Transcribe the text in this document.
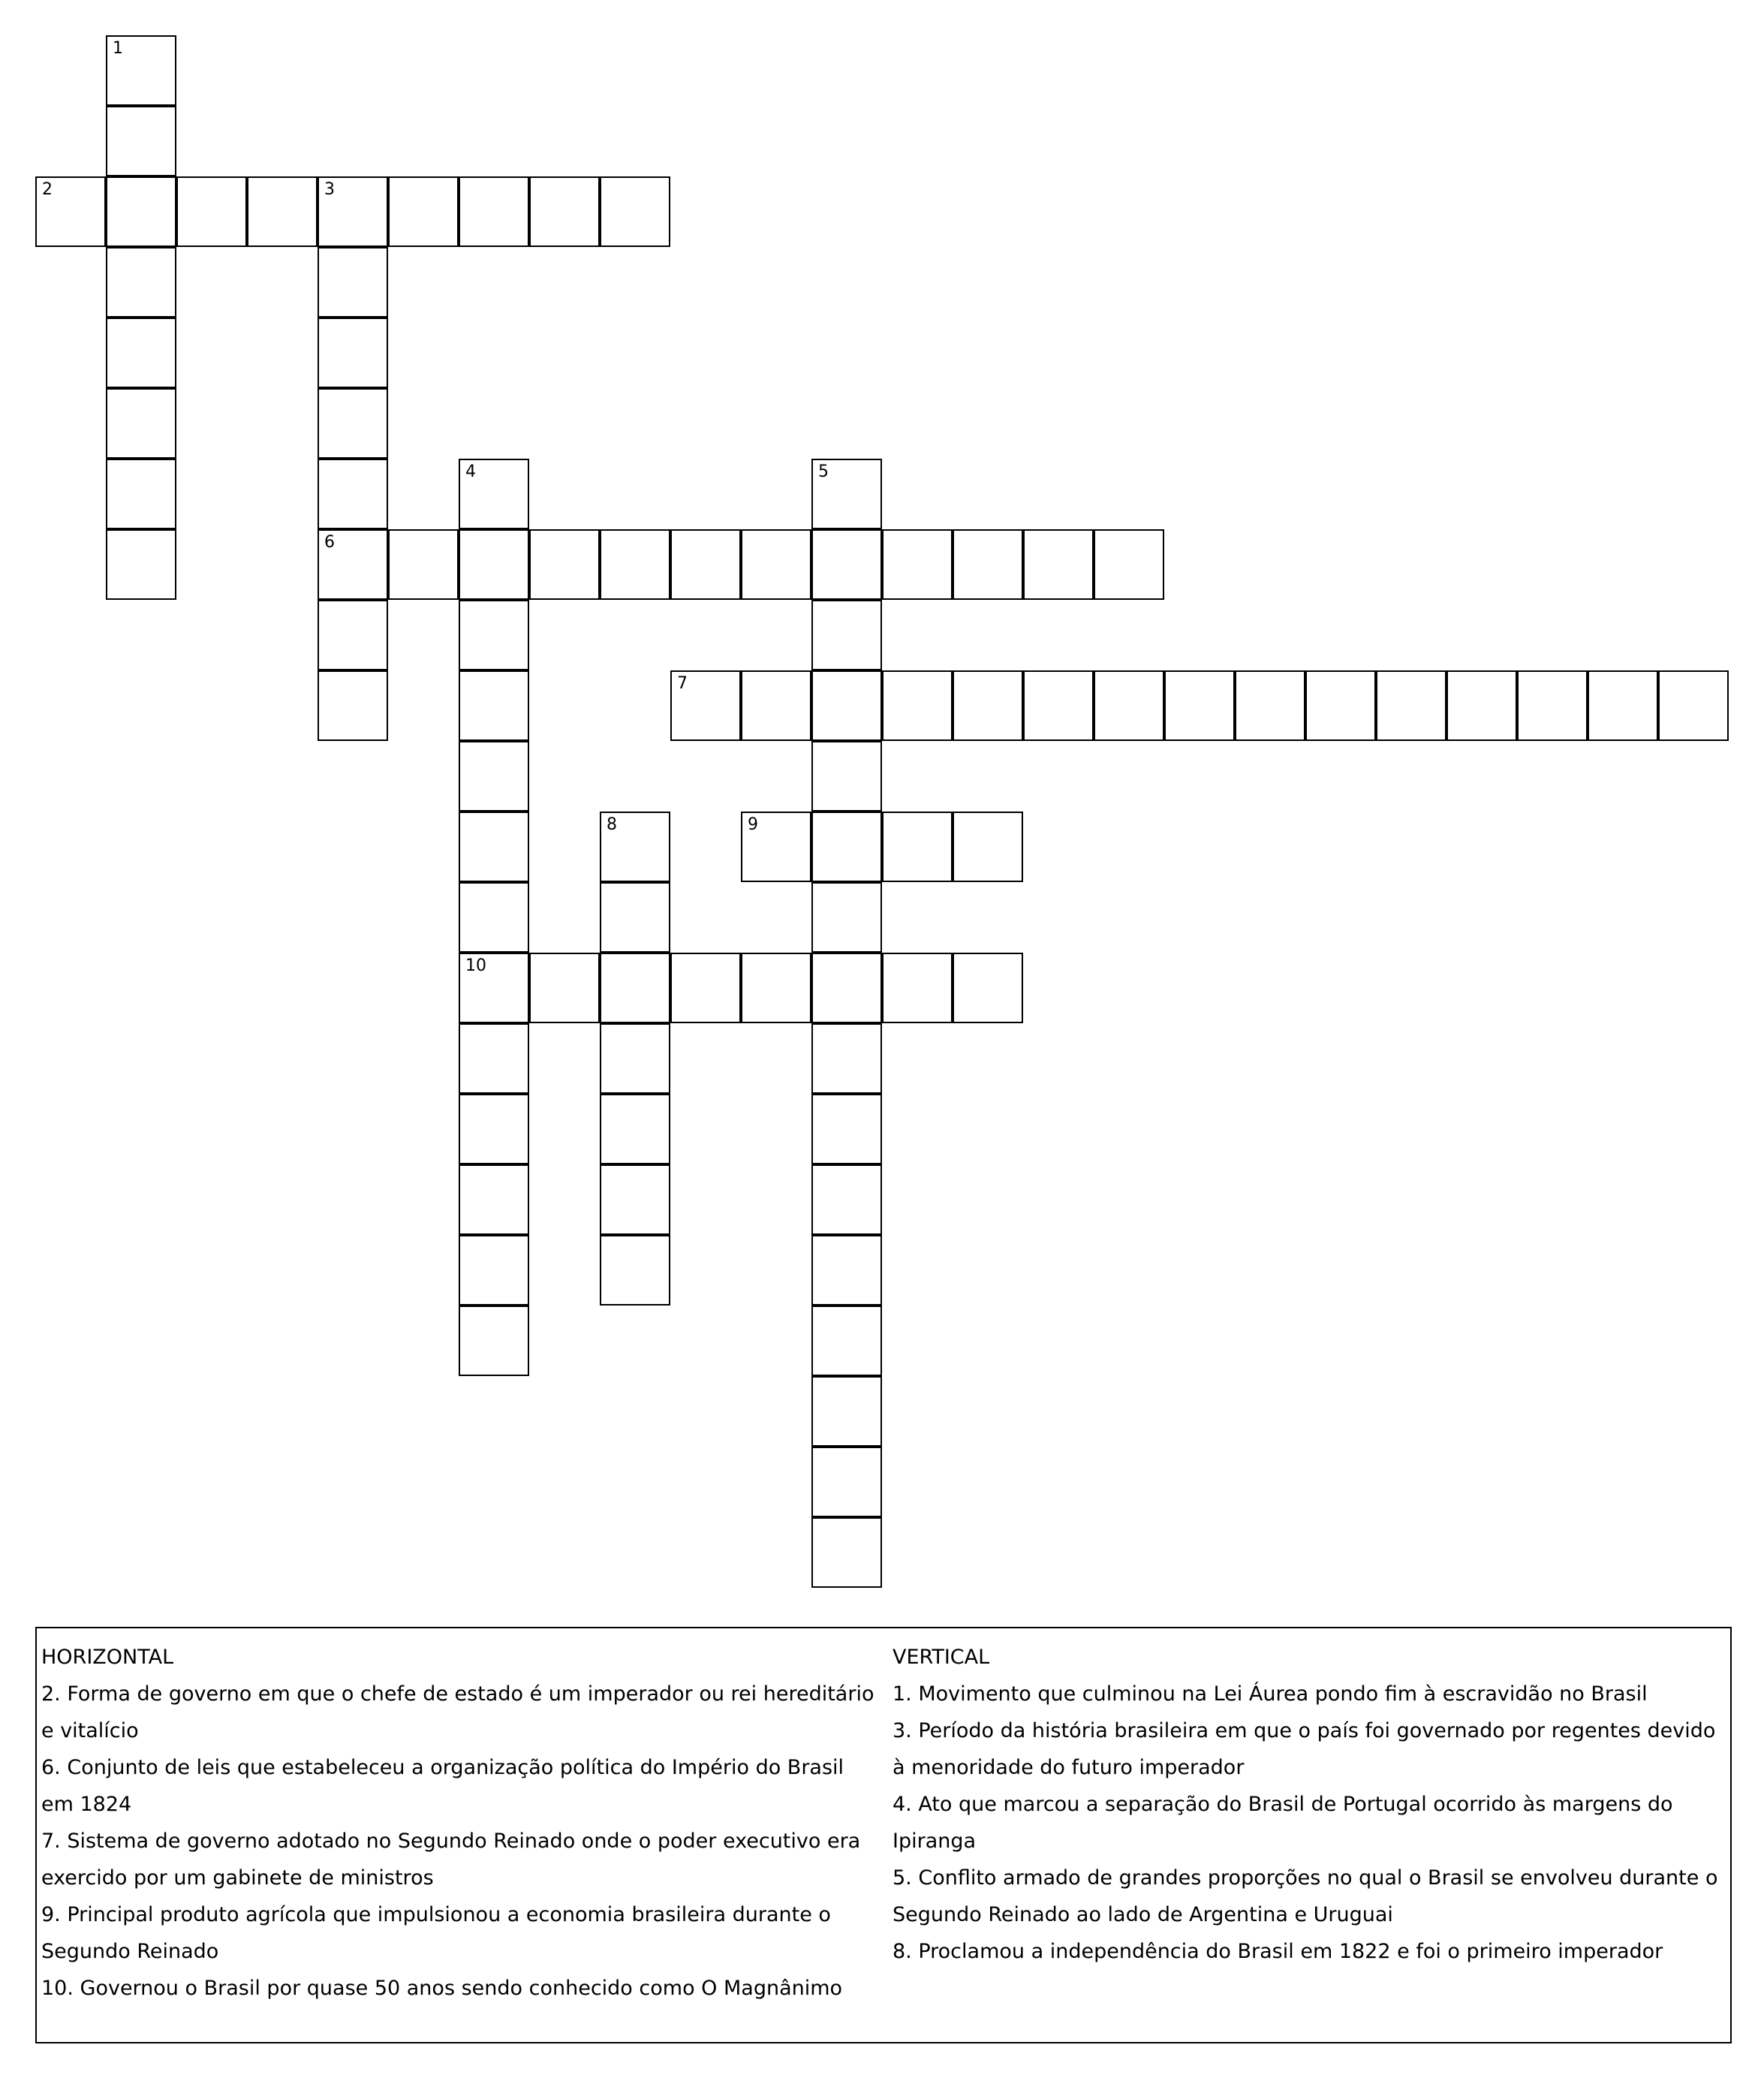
1
2	3
6
4
10
5
7
8	9

HORIZONTAL

2. Forma de governo em que o chefe de estado é um imperador ou rei hereditário e vitalício

6. Conjunto de leis que estabeleceu a organização política do Império do Brasil em 1824

7. Sistema de governo adotado no Segundo Reinado onde o poder executivo era exercido por um gabinete de ministros

9. Principal produto agrícola que impulsionou a economia brasileira durante o Segundo Reinado

10. Governou o Brasil por quase 50 anos sendo conhecido como O Magnânimo

VERTICAL

1. Movimento que culminou na Lei Áurea pondo fim à escravidão no Brasil

3. Período da história brasileira em que o país foi governado por regentes devido à menoridade do futuro imperador

4. Ato que marcou a separação do Brasil de Portugal ocorrido às margens do Ipiranga

5. Conflito armado de grandes proporções no qual o Brasil se envolveu durante o Segundo Reinado ao lado de Argentina e Uruguai

8. Proclamou a independência do Brasil em 1822 e foi o primeiro imperador
